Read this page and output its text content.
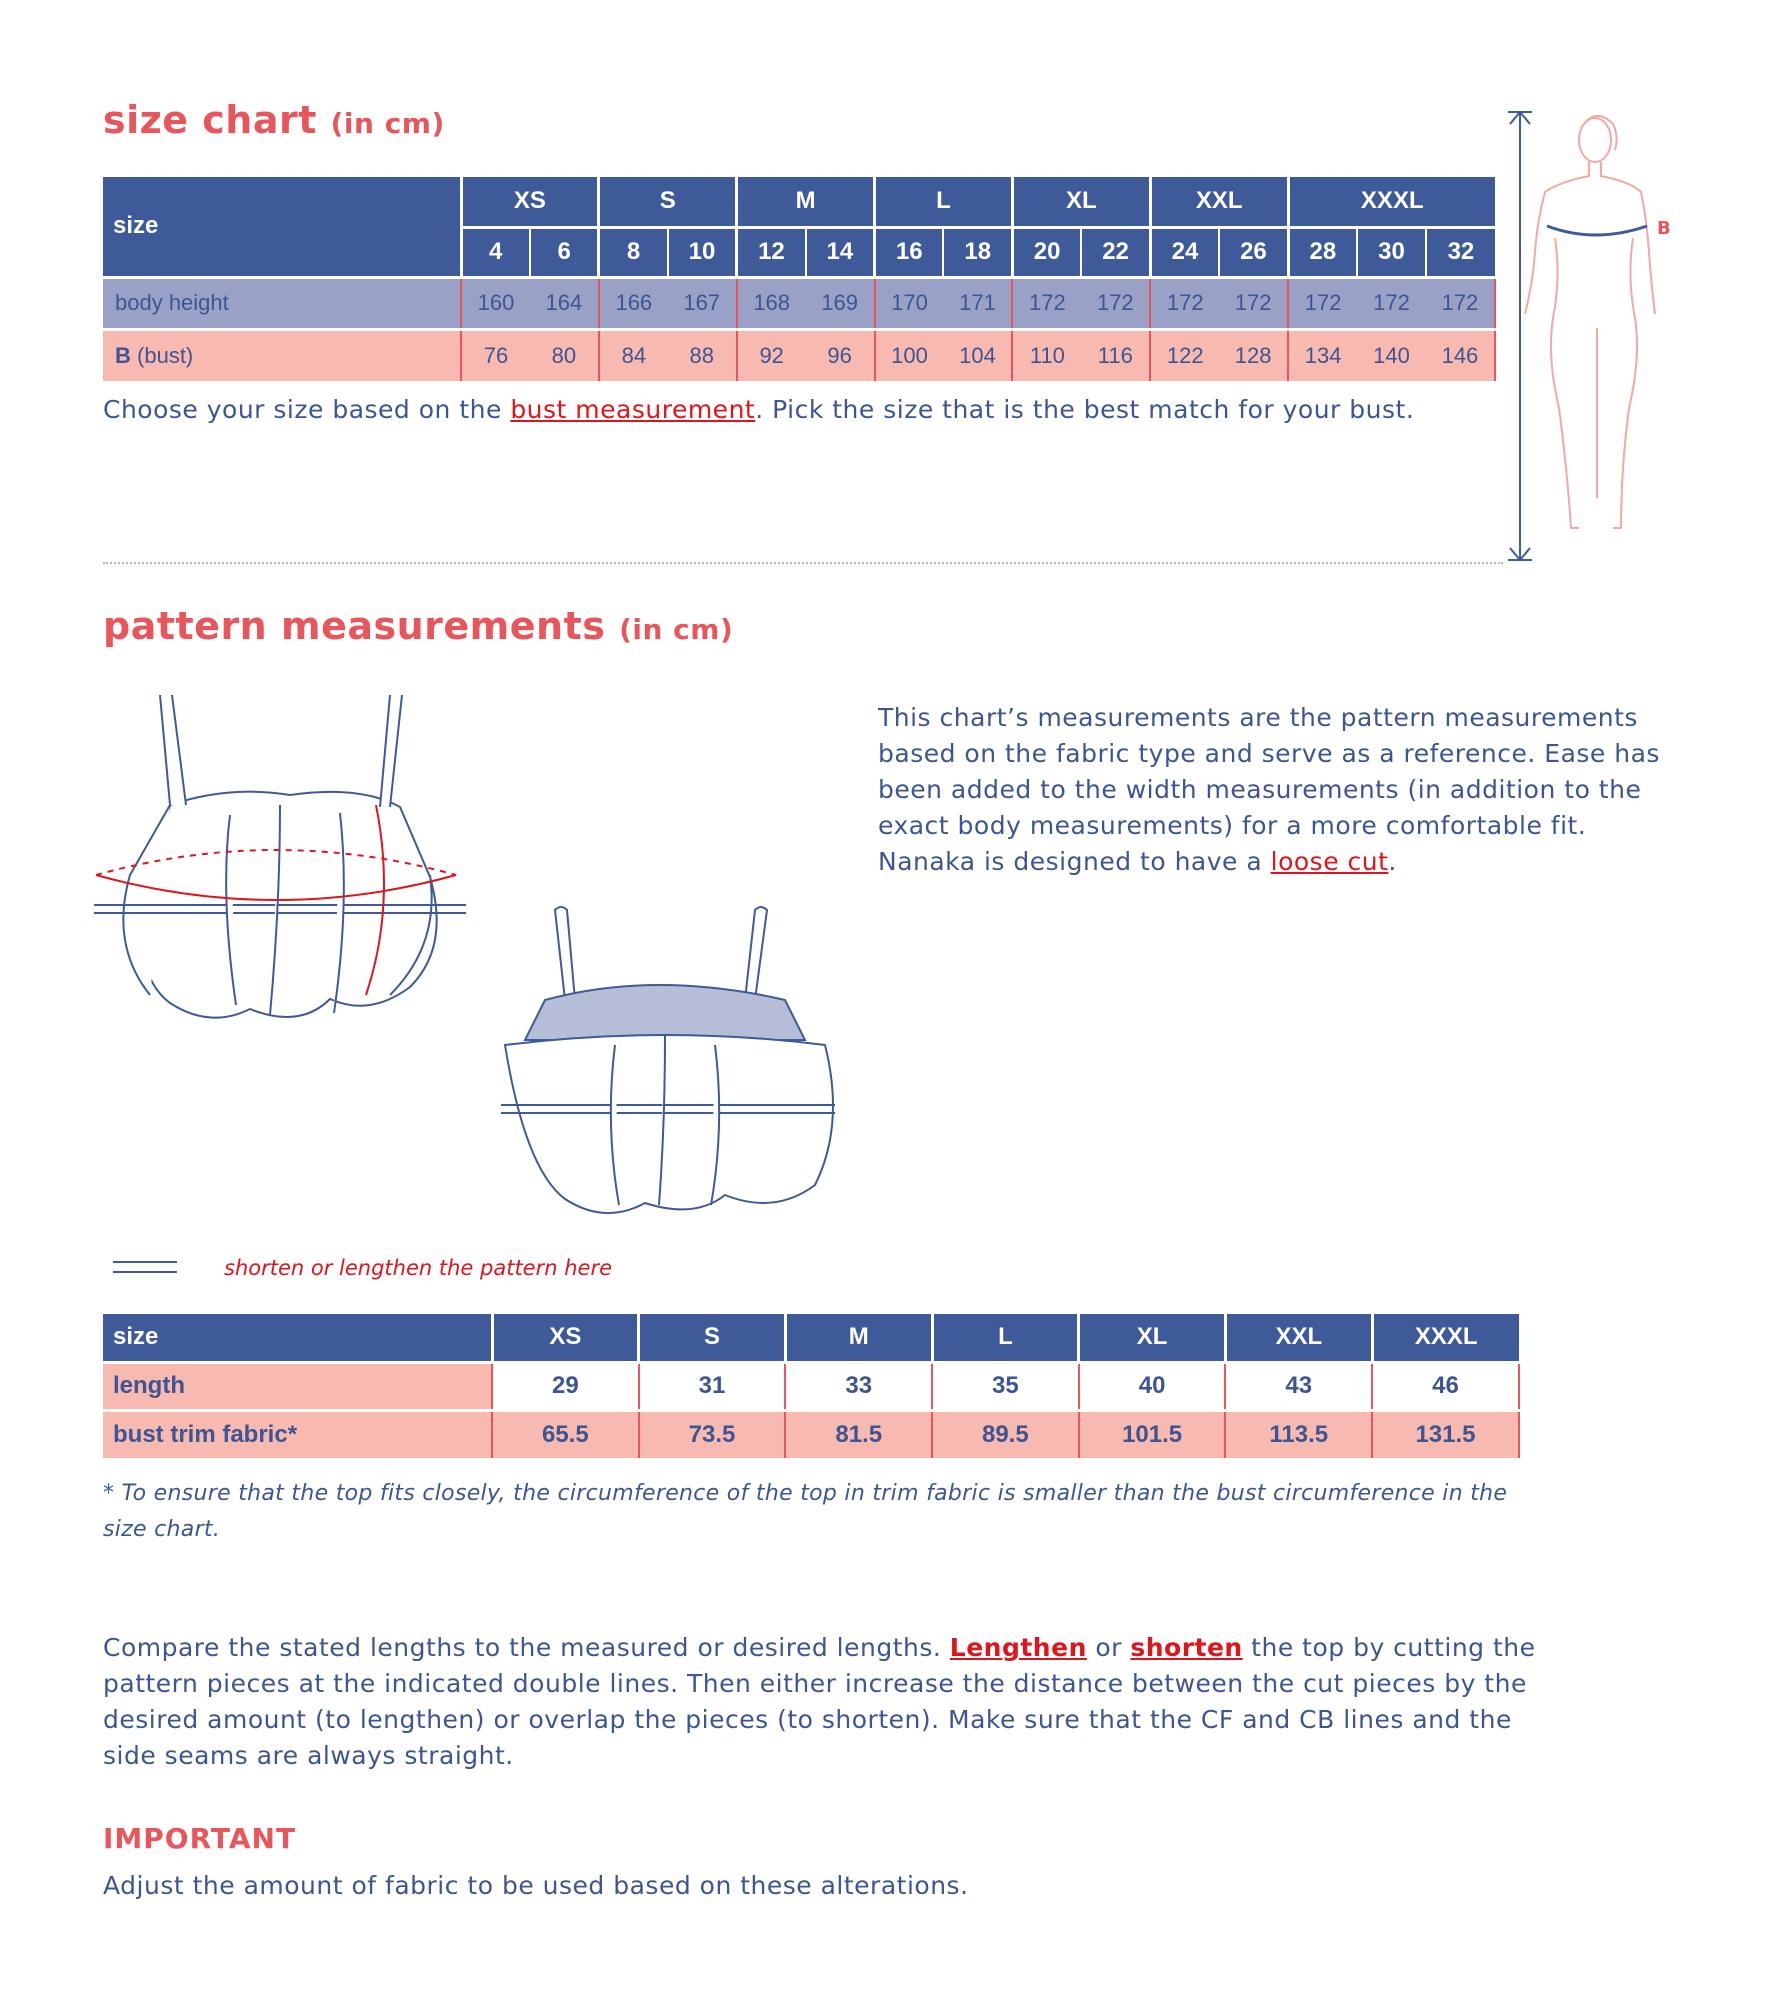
size chart (in cm)
size	XS		S		M		L		XL		XXL		XXXL		
	4	6	8	10	12	14	16	18	20	22	24	26	28	30	32
body height	160	164	166	167	168	169	170	171	172	172	172	172	172	172	172
B (bust)	76	80	84	88	92	96	100	104	110	116	122	128	134	140	146
Choose your size based on the bust measurement. Pick the size that is the best match for your bust.
B
pattern measurements (in cm)
This chart’s measurements are the pattern measurements based on the fabric type and serve as a reference. Ease has been added to the width measurements (in addition to the exact body measurements) for a more comfortable fit. Nanaka is designed to have a loose cut.
shorten or lengthen the pattern here
size	XS	S	M	L	XL	XXL	XXXL
length	29	31	33	35	40	43	46
bust trim fabric*	65.5	73.5	81.5	89.5	101.5	113.5	131.5
* To ensure that the top fits closely, the circumference of the top in trim fabric is smaller than the bust circumference in the size chart.
Compare the stated lengths to the measured or desired lengths. Lengthen or shorten the top by cutting the pattern pieces at the indicated double lines. Then either increase the distance between the cut pieces by the desired amount (to lengthen) or overlap the pieces (to shorten). Make sure that the CF and CB lines and the side seams are always straight.
IMPORTANT
Adjust the amount of fabric to be used based on these alterations.
